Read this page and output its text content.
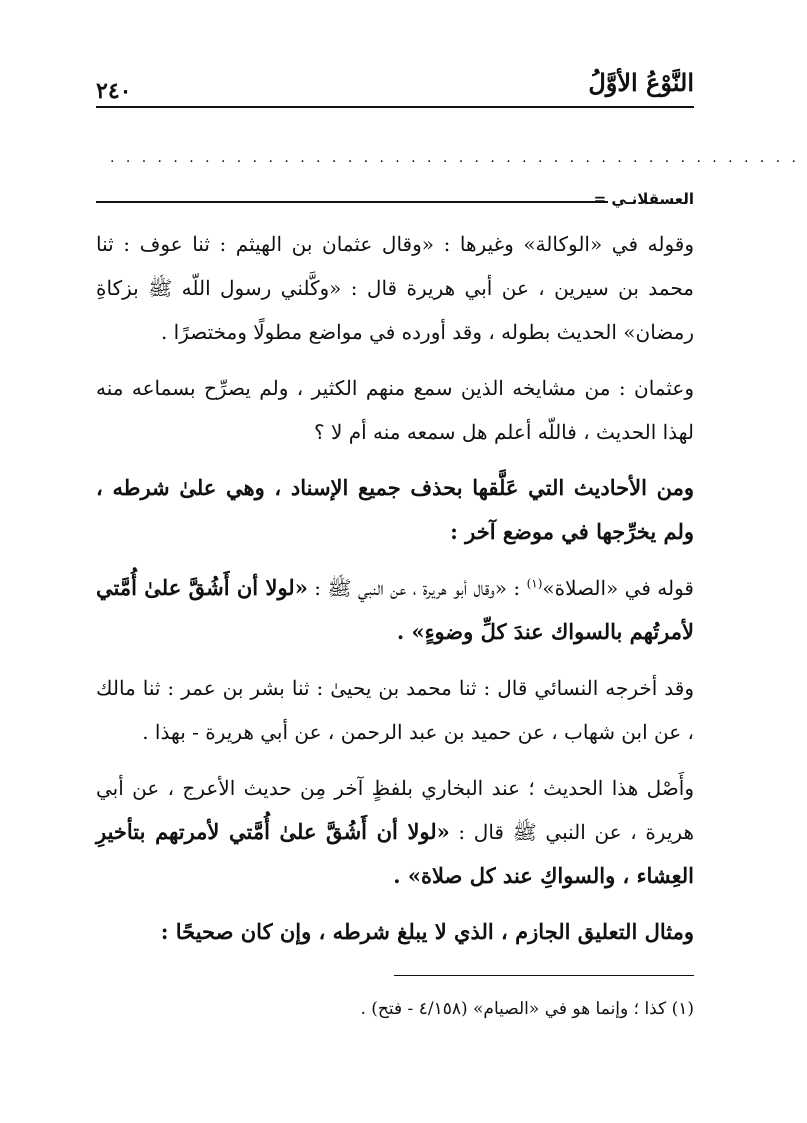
٢٤٠	النَّوْعُ الأوَّلُ
............................................
العسقلانـي =

وقوله في «الوكالة» وغيرها : «وقال عثمان بن الهيثم : ثنا عوف : ثنا محمد بن سيرين ، عن أبي هريرة قال : «وكَّلني رسول اللّه ﷺ بزكاةِ رمضان» الحديث بطوله ، وقد أورده في مواضع مطولًا ومختصرًا .

وعثمان : من مشايخه الذين سمع منهم الكثير ، ولم يصرِّح بسماعه منه لهذا الحديث ، فاللّه أعلم هل سمعه منه أم لا ؟

ومن الأحاديث التي عَلَّقها بحذف جميع الإسناد ، وهي علىٰ شرطه ، ولم يخرِّجها في موضع آخر :

قوله في «الصلاة»$^{(١)}$ : «وقال أبو هريرة ، عن النبي ﷺ : «لولا أن أَشُقَّ علىٰ أُمَّتي لأمرتُهم بالسواك عندَ كلِّ وضوءٍ» .

وقد أخرجه النسائي قال : ثنا محمد بن يحيىٰ : ثنا بشر بن عمر : ثنا مالك ، عن ابن شهاب ، عن حميد بن عبد الرحمن ، عن أبي هريرة - بهذا .

وأَصْل هذا الحديث ؛ عند البخاري بلفظٍ آخر مِن حديث الأعرج ، عن أبي هريرة ، عن النبي ﷺ قال : «لولا أن أَشُقَّ علىٰ أُمَّتي لأمرتهم بتأخيرِ العِشاء ، والسواكِ عند كل صلاة» .

ومثال التعليق الجازم ، الذي لا يبلغ شرطه ، وإن كان صحيحًا :

(١) كذا ؛ وإنما هو في «الصيام» (٤/١٥٨ - فتح) .
